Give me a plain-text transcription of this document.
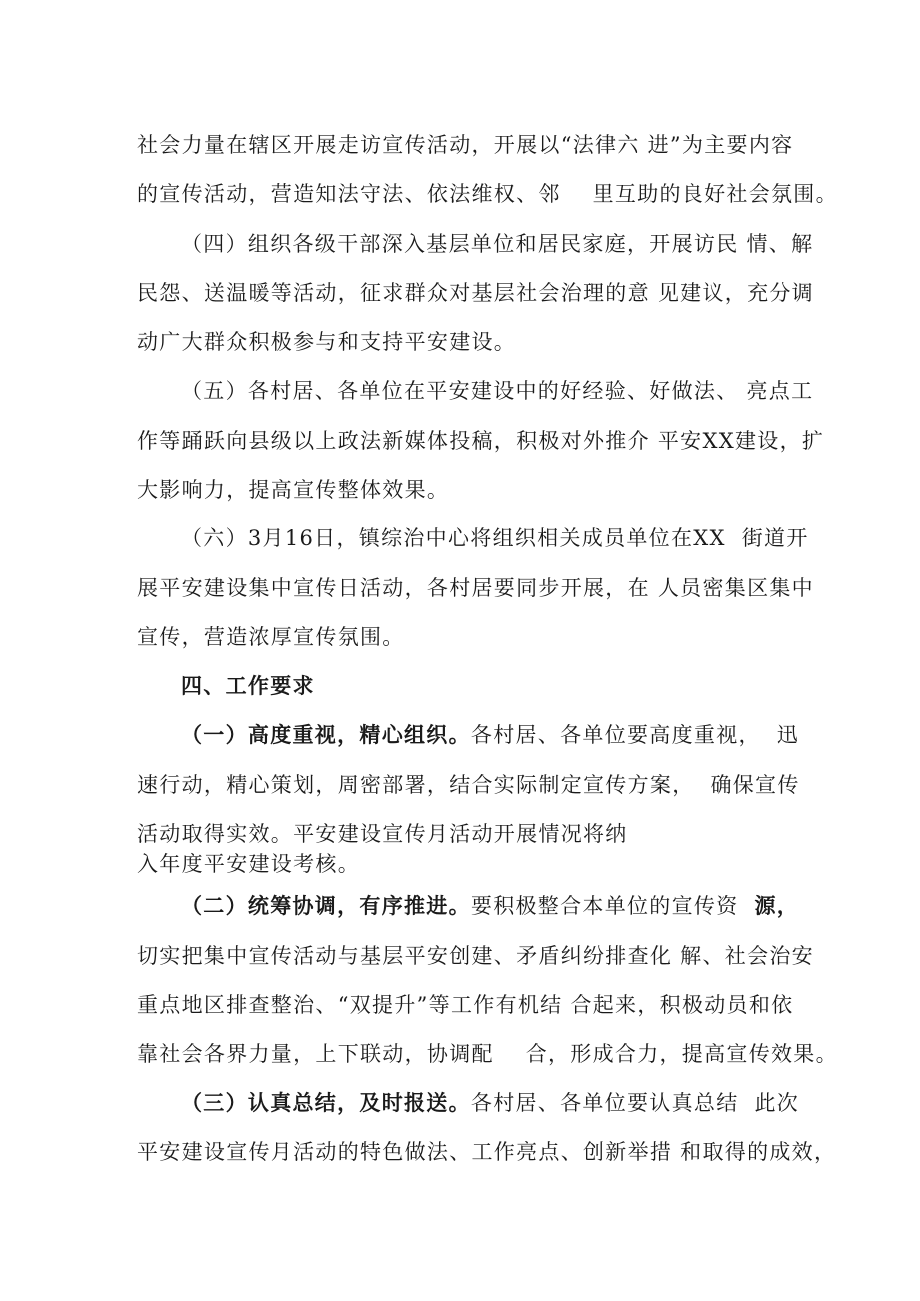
社会力量在辖区开展走访宣传活动，开展以“法律六 进”为主要内容
的宣传活动，营造知法守法、依法维权、邻    里互助的良好社会氛围。
（四）组织各级干部深入基层单位和居民家庭，开展访民 情、解
民怨、送温暖等活动，征求群众对基层社会治理的意 见建议，充分调
动广大群众积极参与和支持平安建设。
（五）各村居、各单位在平安建设中的好经验、好做法、 亮点工
作等踊跃向县级以上政法新媒体投稿，积极对外推介 平安XX建设，扩
大影响力，提高宣传整体效果。
（六）3月16日，镇综治中心将组织相关成员单位在XX  街道开
展平安建设集中宣传日活动，各村居要同步开展，在 人员密集区集中
宣传，营造浓厚宣传氛围。
四、工作要求
（一）高度重视，精心组织。各村居、各单位要高度重视，  迅
速行动，精心策划，周密部署，结合实际制定宣传方案，  确保宣传
活动取得实效。平安建设宣传月活动开展情况将纳
入年度平安建设考核。
（二）统筹协调，有序推进。要积极整合本单位的宣传资  源，
切实把集中宣传活动与基层平安创建、矛盾纠纷排查化 解、社会治安
重点地区排查整治、“双提升”等工作有机结 合起来，积极动员和依
靠社会各界力量，上下联动，协调配    合，形成合力，提高宣传效果。
（三）认真总结，及时报送。各村居、各单位要认真总结  此次
平安建设宣传月活动的特色做法、工作亮点、创新举措 和取得的成效，
